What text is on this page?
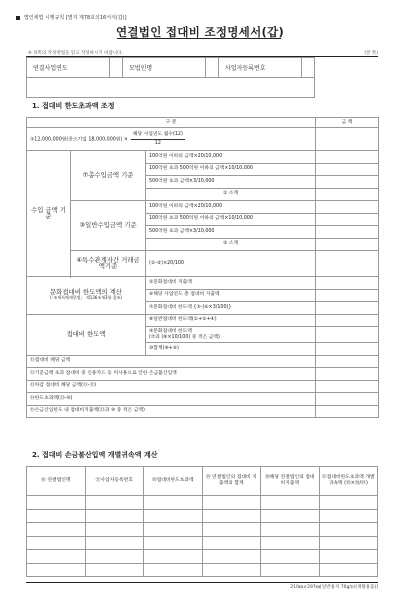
법인세법 시행규칙 [별지 제78호의16서식(갑)]
연결법인 접대비 조정명세서(갑)
※ 뒤쪽의 작성방법을 읽고 작성하시기 바랍니다.	(앞 쪽)
연결사업연도		모법인명		사업자등록번호	

1. 접대비 한도초과액 조정
구 분			금 액
①12,000,000원(중소기업 18,000,000원) × $\frac{\text{해당 사업연도 월수(12)}}{12}$

수입 금액 기준	⑦총수입금액 기준	100억원 이하의 금액×20/10,000	
		100억원 초과 500억원 이하의 금액×10/10,000	
		500억원 초과 금액×3/10,000	
		② 소계	
	③일반수입금액 기준	100억원 이하의 금액×20/10,000	
		100억원 초과 500억원 이하의 금액×10/10,000	
		500억원 초과 금액×3/10,000	
		③ 소계	
	④특수관계자간 거래금액기준	(②-③)×20/100	

문화접대비 한도액의 계산
(「조세특례제한법」 제136조제3항 참조)		⑤문화접대비 지출액	
		⑥해당 사업연도 총 접대비 지출액	
		⑦문화접대비 한도액 {⑤-(⑥×3/100)}	
접대비 한도액		⑧일반접대비 한도액(①+②+④)	
		⑨문화접대비 한도액
(⑦과 (⑧×10/100) 중 적은 금액)	
		⑩합계(⑧+⑨)	
⑪접대비 해당 금액			
⑫기준금액 초과 접대비 중 신용카드 등 미사용으로 인한 손금불산입액			
⑬차감 접대비 해당 금액(⑪-⑫)			
⑭한도초과액(⑬-⑩)			
⑮손금산입한도 내 접대비지출액(⑬과 ⑩ 중 적은 금액)			
2. 접대비 손금불산입액 개별귀속액 계산
⑯ 연결법인명	⑰사업자등록번호	⑱접대비한도초과액	⑲ 연결법인의 접대비 지출액의 합계	⑳해당 연결법인의 접대비지출액	㉑접대비한도초과액 개별귀속액 (⑱×⑳/⑲)

210㎜×297㎜[일반용지 70g/㎡(재활용품)]
